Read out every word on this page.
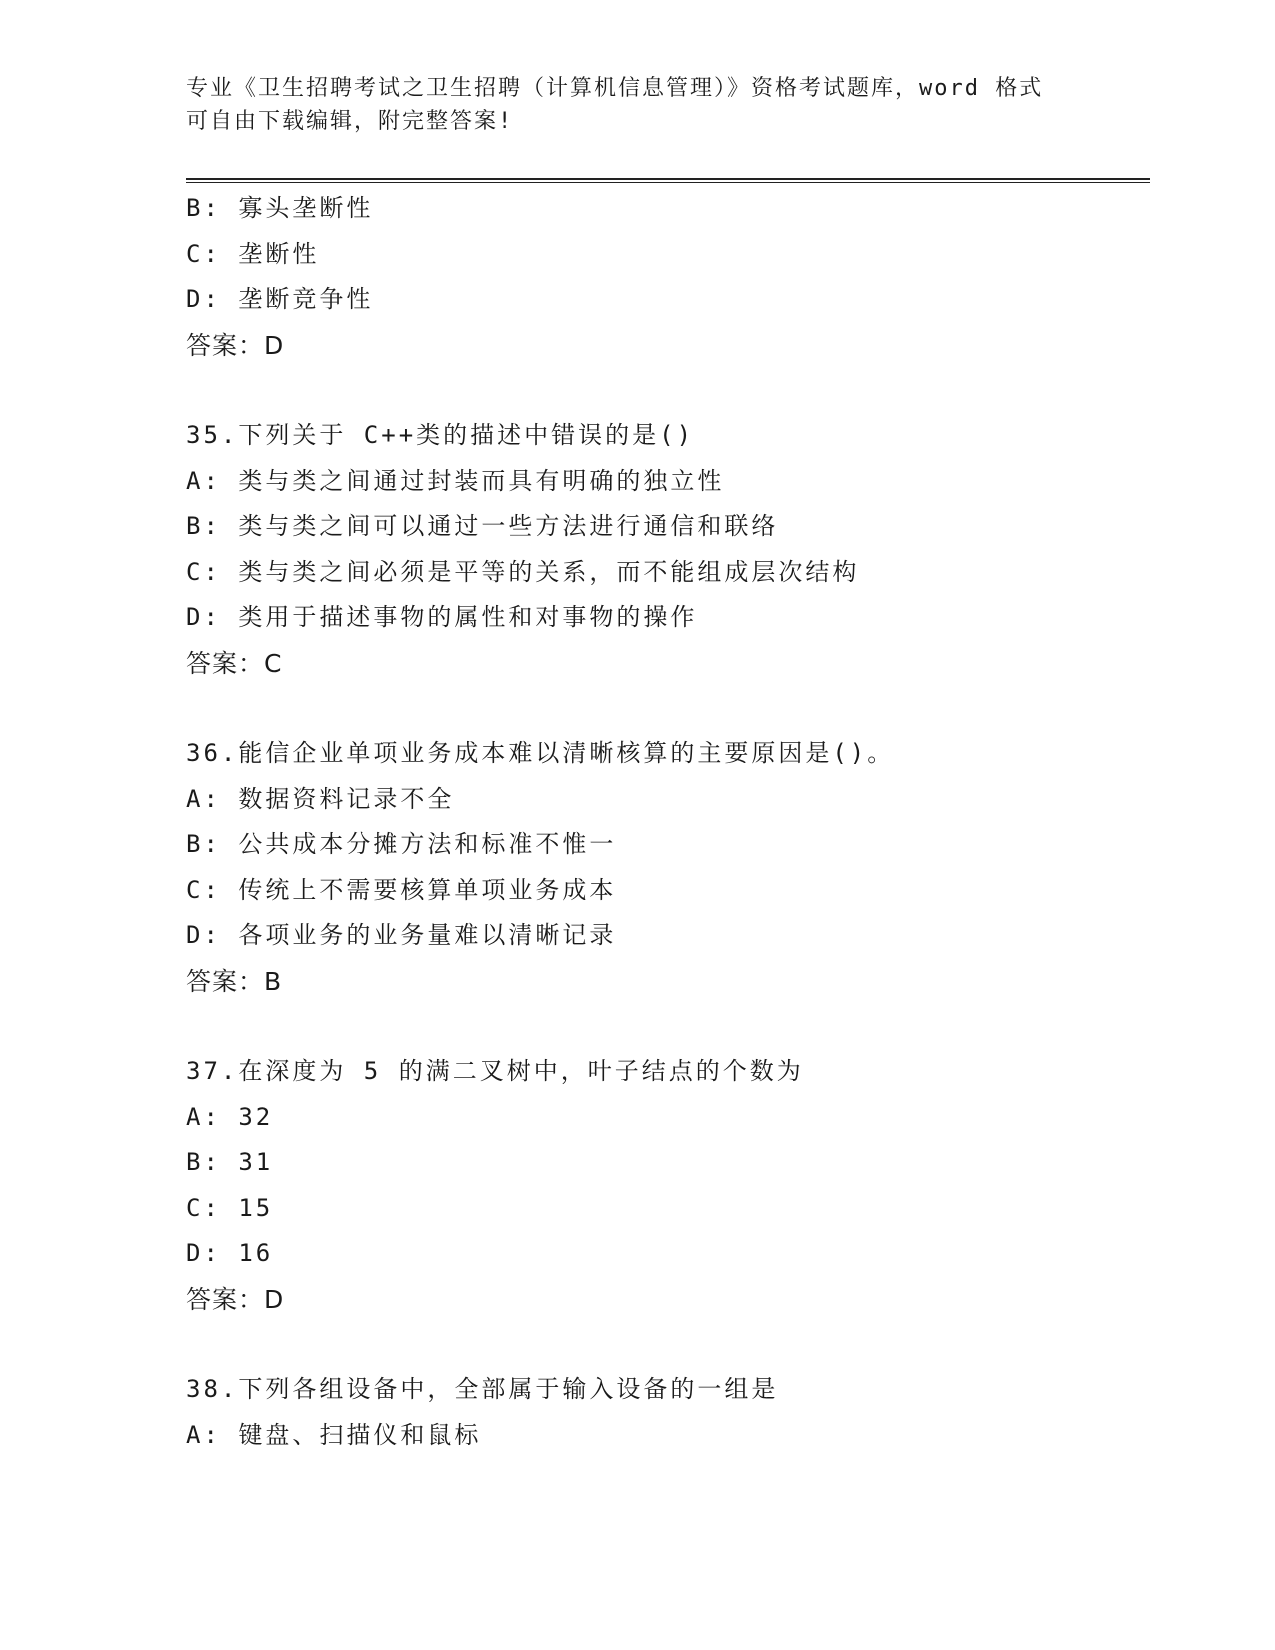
专业《卫生招聘考试之卫生招聘（计算机信息管理）》资格考试题库，word 格式
可自由下载编辑，附完整答案!
B: 寡头垄断性
C: 垄断性
D: 垄断竞争性
答案：D
35.下列关于 C++类的描述中错误的是()
A: 类与类之间通过封装而具有明确的独立性
B: 类与类之间可以通过一些方法进行通信和联络
C: 类与类之间必须是平等的关系，而不能组成层次结构
D: 类用于描述事物的属性和对事物的操作
答案：C
36.能信企业单项业务成本难以清晰核算的主要原因是()。
A: 数据资料记录不全
B: 公共成本分摊方法和标准不惟一
C: 传统上不需要核算单项业务成本
D: 各项业务的业务量难以清晰记录
答案：B
37.在深度为 5 的满二叉树中，叶子结点的个数为
A: 32
B: 31
C: 15
D: 16
答案：D
38.下列各组设备中，全部属于输入设备的一组是
A: 键盘、扫描仪和鼠标
